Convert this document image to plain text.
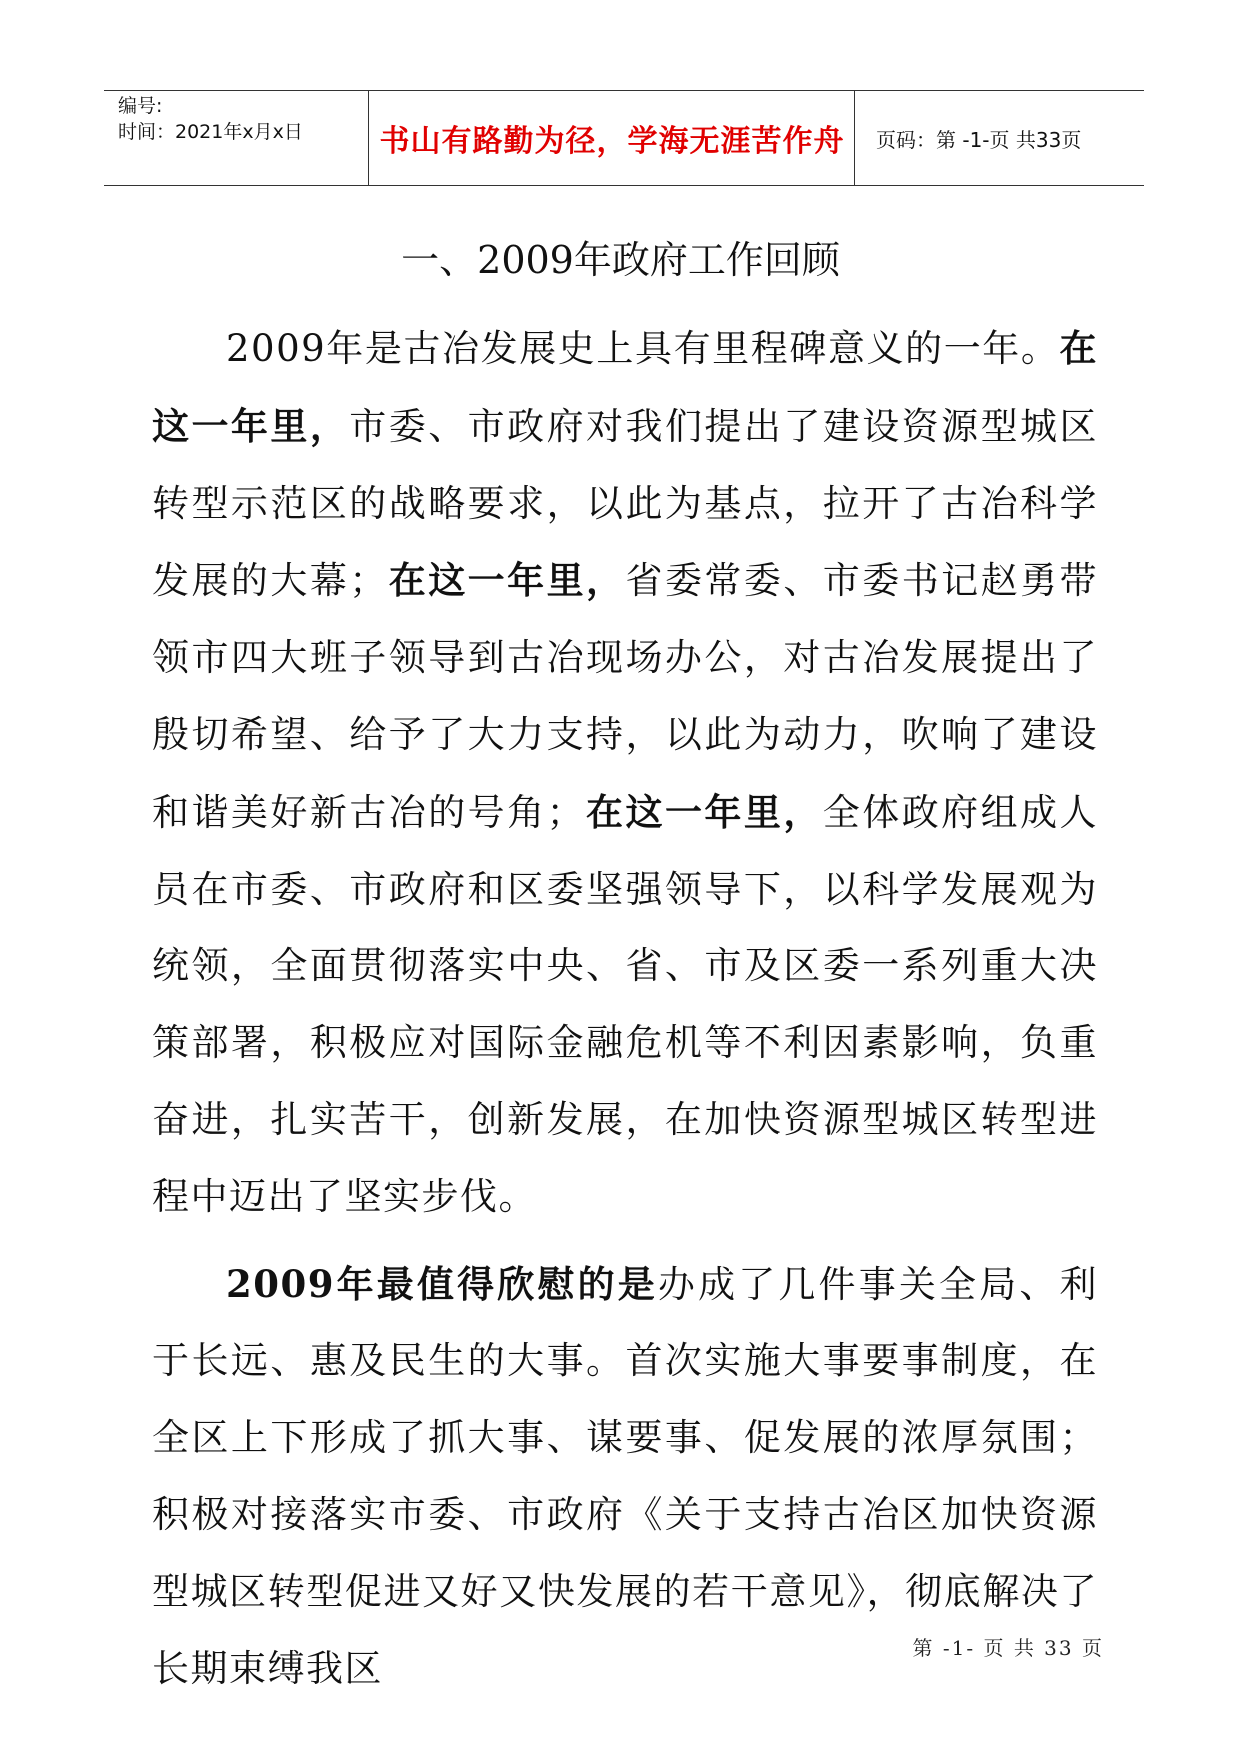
编号:
时间：2021年x月x日	书山有路勤为径，学海无涯苦作舟	页码：第 -1-页 共33页
一、2009年政府工作回顾

2009年是古冶发展史上具有里程碑意义的一年。在这一年里，市委、市政府对我们提出了建设资源型城区转型示范区的战略要求，以此为基点，拉开了古冶科学发展的大幕；在这一年里，省委常委、市委书记赵勇带领市四大班子领导到古冶现场办公，对古冶发展提出了殷切希望、给予了大力支持，以此为动力，吹响了建设和谐美好新古冶的号角；在这一年里，全体政府组成人员在市委、市政府和区委坚强领导下，以科学发展观为统领，全面贯彻落实中央、省、市及区委一系列重大决策部署，积极应对国际金融危机等不利因素影响，负重奋进，扎实苦干，创新发展，在加快资源型城区转型进程中迈出了坚实步伐。

2009年最值得欣慰的是办成了几件事关全局、利于长远、惠及民生的大事。首次实施大事要事制度，在全区上下形成了抓大事、谋要事、促发展的浓厚氛围；积极对接落实市委、市政府《关于支持古冶区加快资源型城区转型促进又好又快发展的若干意见》，彻底解决了长期束缚我区	第 -1- 页 共 33 页
